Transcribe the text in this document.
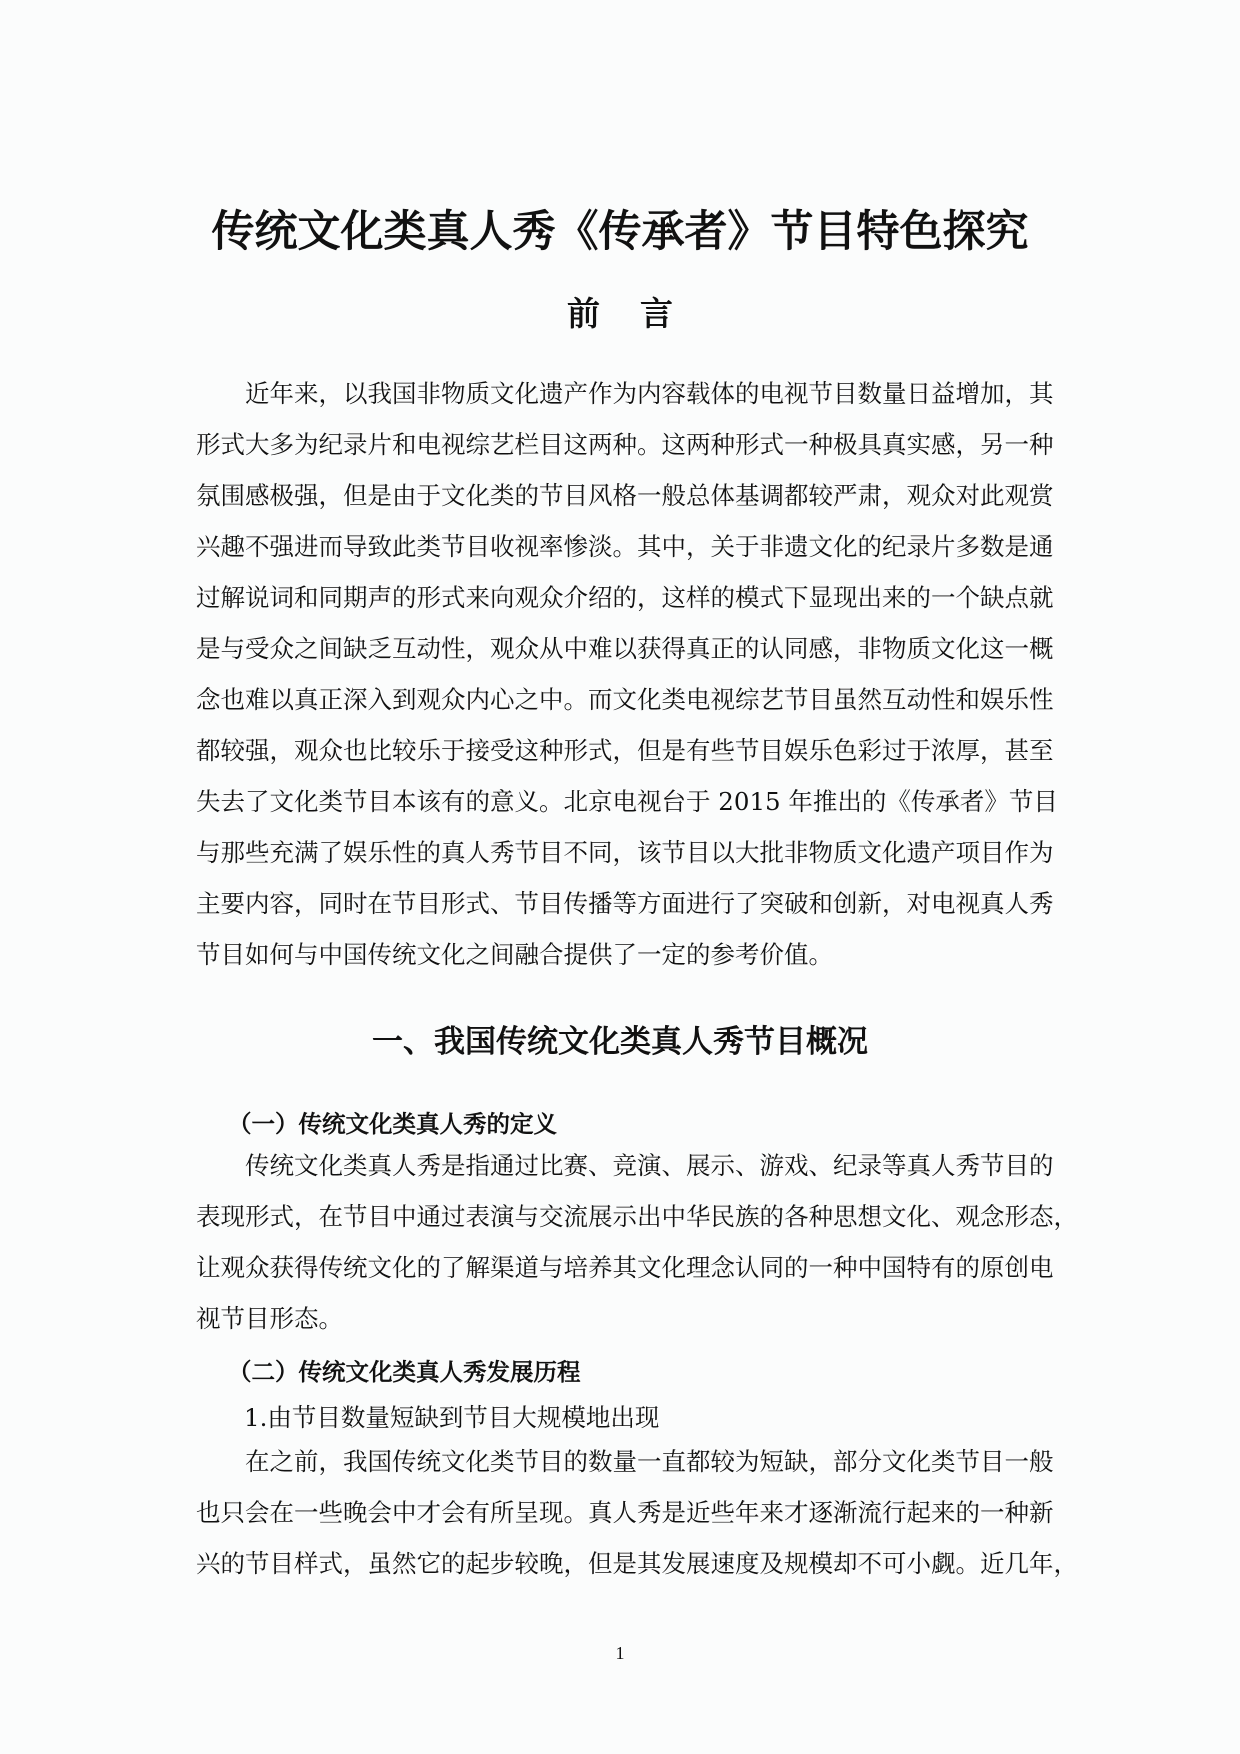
传统文化类真人秀《传承者》节目特色探究
前 言
近年来，以我国非物质文化遗产作为内容载体的电视节目数量日益增加，其
形式大多为纪录片和电视综艺栏目这两种。这两种形式一种极具真实感，另一种
氛围感极强，但是由于文化类的节目风格一般总体基调都较严肃，观众对此观赏
兴趣不强进而导致此类节目收视率惨淡。其中，关于非遗文化的纪录片多数是通
过解说词和同期声的形式来向观众介绍的，这样的模式下显现出来的一个缺点就
是与受众之间缺乏互动性，观众从中难以获得真正的认同感，非物质文化这一概
念也难以真正深入到观众内心之中。而文化类电视综艺节目虽然互动性和娱乐性
都较强，观众也比较乐于接受这种形式，但是有些节目娱乐色彩过于浓厚，甚至
失去了文化类节目本该有的意义。北京电视台于 2015 年推出的《传承者》节目
与那些充满了娱乐性的真人秀节目不同，该节目以大批非物质文化遗产项目作为
主要内容，同时在节目形式、节目传播等方面进行了突破和创新，对电视真人秀
节目如何与中国传统文化之间融合提供了一定的参考价值。
一、我国传统文化类真人秀节目概况
（一）传统文化类真人秀的定义
传统文化类真人秀是指通过比赛、竞演、展示、游戏、纪录等真人秀节目的
表现形式，在节目中通过表演与交流展示出中华民族的各种思想文化、观念形态，
让观众获得传统文化的了解渠道与培养其文化理念认同的一种中国特有的原创电
视节目形态。
（二）传统文化类真人秀发展历程

1.由节目数量短缺到节目大规模地出现

在之前，我国传统文化类节目的数量一直都较为短缺，部分文化类节目一般
也只会在一些晚会中才会有所呈现。真人秀是近些年来才逐渐流行起来的一种新
兴的节目样式，虽然它的起步较晚，但是其发展速度及规模却不可小觑。近几年，
1
